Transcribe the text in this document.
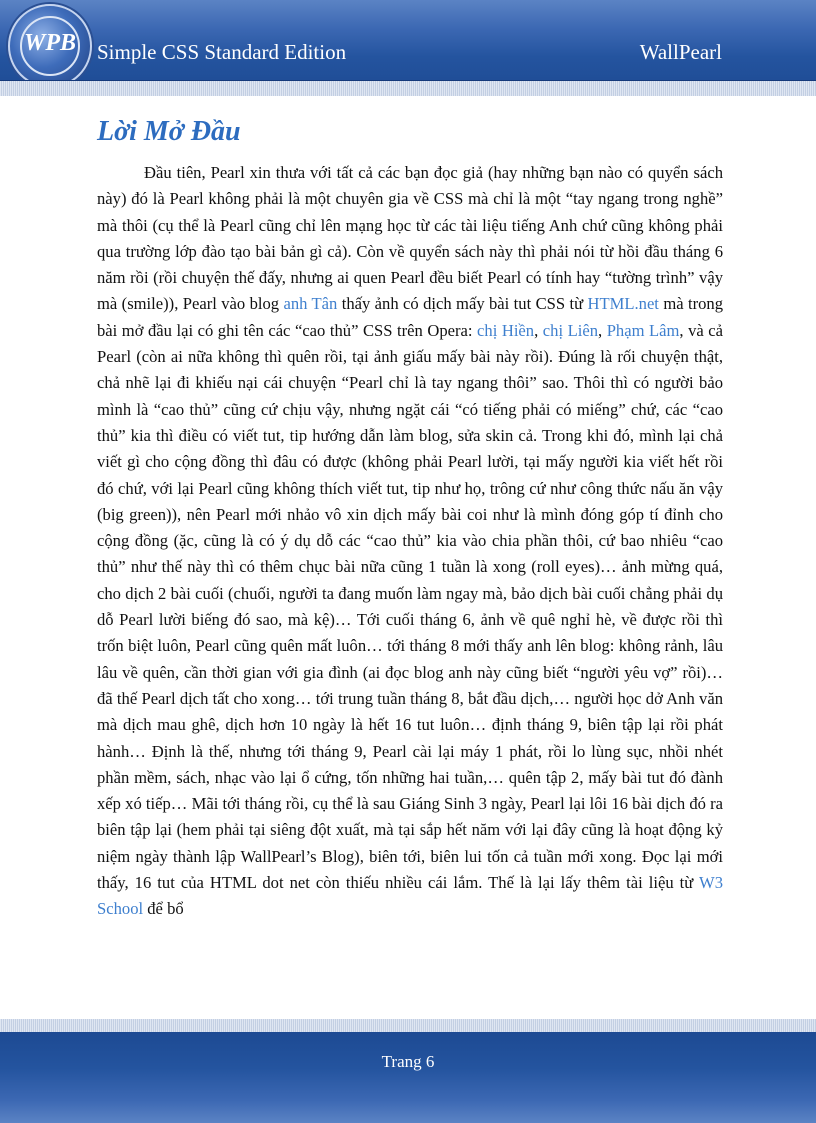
WPB	Simple CSS Standard Edition	WallPearl
Lời Mở Đầu

Đầu tiên, Pearl xin thưa với tất cả các bạn đọc giả (hay những bạn nào có quyển sách này) đó là Pearl không phải là một chuyên gia về CSS mà chỉ là một “tay ngang trong nghề” mà thôi (cụ thể là Pearl cũng chỉ lên mạng học từ các tài liệu tiếng Anh chứ cũng không phải qua trường lớp đào tạo bài bản gì cả). Còn về quyển sách này thì phải nói từ hồi đầu tháng 6 năm rồi (rồi chuyện thế đấy, nhưng ai quen Pearl đều biết Pearl có tính hay “tường trình” vậy mà (smile)), Pearl vào blog anh Tân thấy ảnh có dịch mấy bài tut CSS từ HTML.net mà trong bài mở đầu lại có ghi tên các “cao thủ” CSS trên Opera: chị Hiền, chị Liên, Phạm Lâm, và cả Pearl (còn ai nữa không thì quên rồi, tại ảnh giấu mấy bài này rồi). Đúng là rối chuyện thật, chả nhẽ lại đi khiếu nại cái chuyện “Pearl chỉ là tay ngang thôi” sao. Thôi thì có người bảo mình là “cao thủ” cũng cứ chịu vậy, nhưng ngặt cái “có tiếng phải có miếng” chứ, các “cao thủ” kia thì điều có viết tut, tip hướng dẫn làm blog, sửa skin cả. Trong khi đó, mình lại chả viết gì cho cộng đồng thì đâu có được (không phải Pearl lười, tại mấy người kia viết hết rồi đó chứ, với lại Pearl cũng không thích viết tut, tip như họ, trông cứ như công thức nấu ăn vậy (big green)), nên Pearl mới nhảo vô xin dịch mấy bài coi như là mình đóng góp tí đỉnh cho cộng đồng (ặc, cũng là có ý dụ dỗ các “cao thủ” kia vào chia phần thôi, cứ bao nhiêu “cao thủ” như thế này thì có thêm chục bài nữa cũng 1 tuần là xong (roll eyes)… ảnh mừng quá, cho dịch 2 bài cuối (chuối, người ta đang muốn làm ngay mà, bảo dịch bài cuối chẳng phải dụ dỗ Pearl lười biếng đó sao, mà kệ)… Tới cuối tháng 6, ảnh về quê nghỉ hè, về được rồi thì trốn biệt luôn, Pearl cũng quên mất luôn… tới tháng 8 mới thấy anh lên blog: không rảnh, lâu lâu về quên, cần thời gian với gia đình (ai đọc blog anh này cũng biết “người yêu vợ” rồi)… đã thế Pearl dịch tất cho xong… tới trung tuần tháng 8, bắt đầu dịch,… người học dở Anh văn mà dịch mau ghê, dịch hơn 10 ngày là hết 16 tut luôn… định tháng 9, biên tập lại rồi phát hành… Định là thế, nhưng tới tháng 9, Pearl cài lại máy 1 phát, rồi lo lùng sục, nhồi nhét phần mềm, sách, nhạc vào lại ổ cứng, tốn những hai tuần,… quên tập 2, mấy bài tut đó đành xếp xó tiếp… Mãi tới tháng rồi, cụ thể là sau Giáng Sinh 3 ngày, Pearl lại lôi 16 bài dịch đó ra biên tập lại (hem phải tại siêng đột xuất, mà tại sắp hết năm với lại đây cũng là hoạt động kỷ niệm ngày thành lập WallPearl’s Blog), biên tới, biên lui tốn cả tuần mới xong. Đọc lại mới thấy, 16 tut của HTML dot net còn thiếu nhiều cái lắm. Thế là lại lấy thêm tài liệu từ W3 School để bổ

Trang 6
